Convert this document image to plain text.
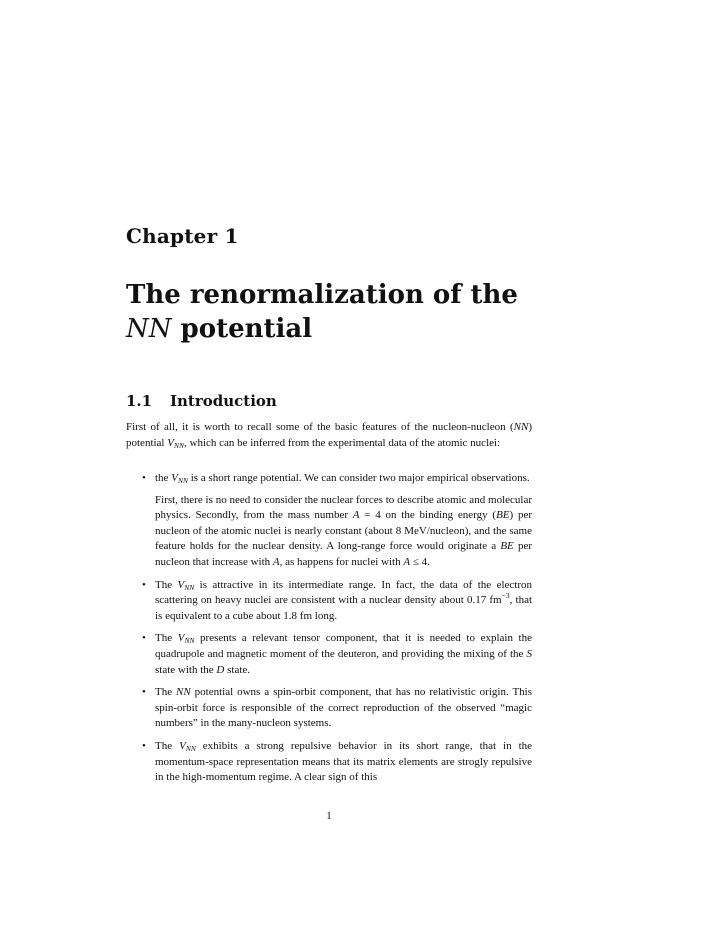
Chapter 1
The renormalization of the
NN potential
1.1 Introduction
First of all, it is worth to recall some of the basic features of the nucleon-nucleon (NN) potential $V_{NN}$, which can be inferred from the experimental data of the atomic nuclei:
• the $V_{NN}$ is a short range potential. We can consider two major empirical observations.
First, there is no need to consider the nuclear forces to describe atomic and molecular physics. Secondly, from the mass number A = 4 on the binding energy (BE) per nucleon of the atomic nuclei is nearly constant (about 8 MeV/nucleon), and the same feature holds for the nuclear density. A long-range force would originate a BE per nucleon that increase with A, as happens for nuclei with A ≤ 4.
• The $V_{NN}$ is attractive in its intermediate range. In fact, the data of the electron scattering on heavy nuclei are consistent with a nuclear density about 0.17 $fm^{-3}$, that is equivalent to a cube about 1.8 fm long.
• The $V_{NN}$ presents a relevant tensor component, that it is needed to explain the quadrupole and magnetic moment of the deuteron, and providing the mixing of the S state with the D state.
• The NN potential owns a spin-orbit component, that has no relativistic origin. This spin-orbit force is responsible of the correct reproduction of the observed “magic numbers” in the many-nucleon systems.
• The $V_{NN}$ exhibits a strong repulsive behavior in its short range, that in the momentum-space representation means that its matrix elements are strogly repulsive in the high-momentum regime. A clear sign of this
1
